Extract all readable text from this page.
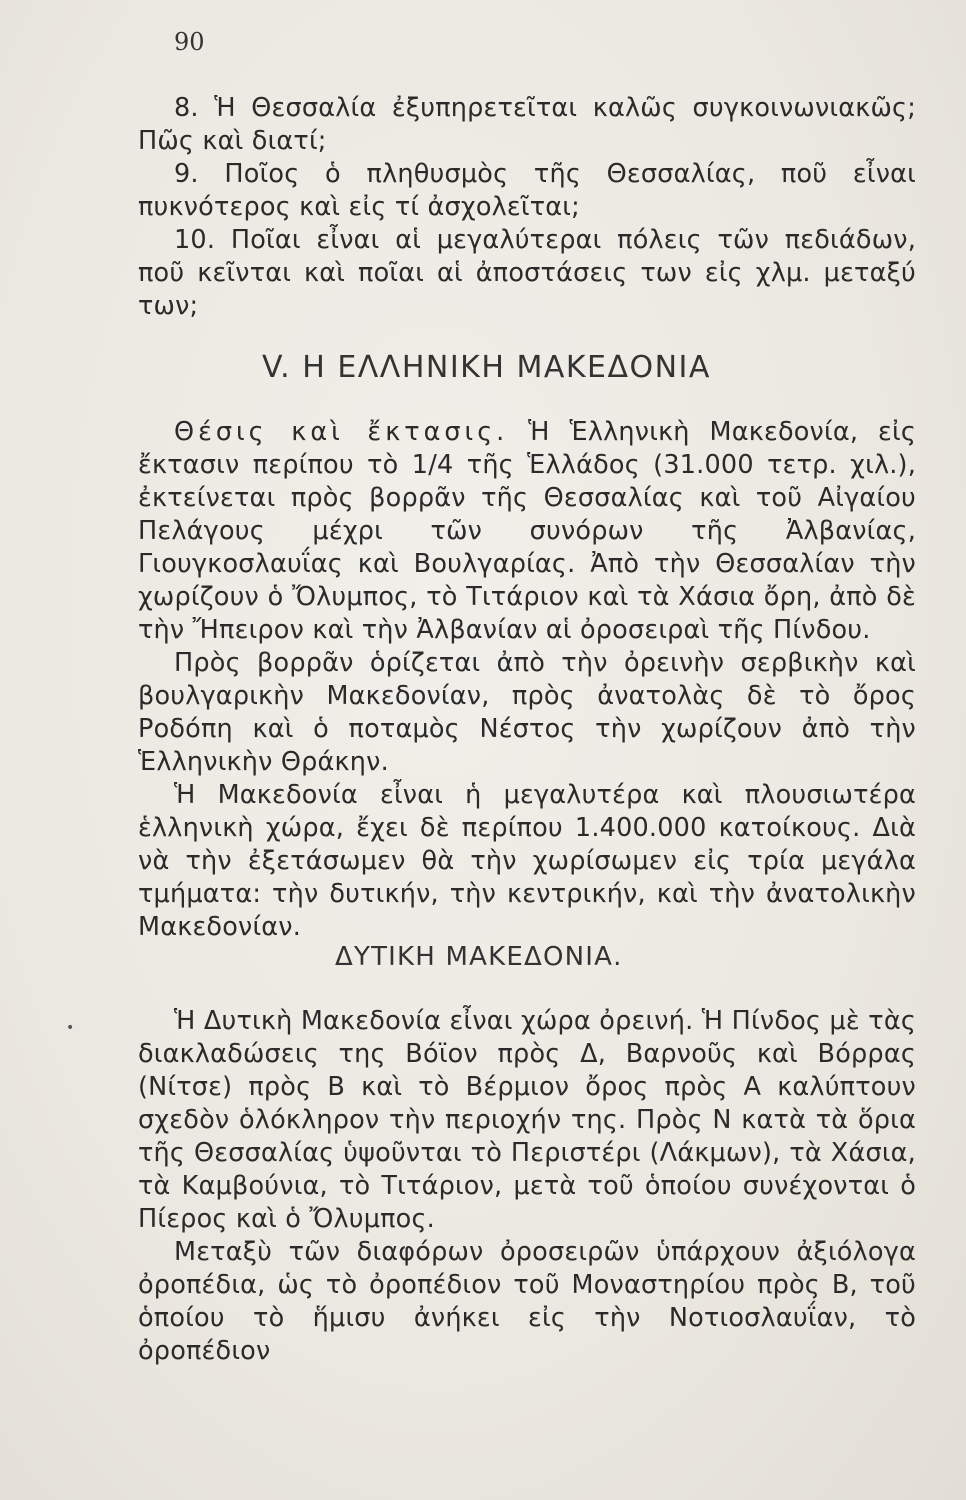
90

8. Ἡ Θεσσαλία ἐξυπηρετεῖται καλῶς συγκοινωνιακῶς; Πῶς καὶ διατί;

9. Ποῖος ὁ πληθυσμὸς τῆς Θεσσαλίας, ποῦ εἶναι πυκνότερος καὶ εἰς τί ἀσχολεῖται;

10. Ποῖαι εἶναι αἱ μεγαλύτεραι πόλεις τῶν πεδιάδων, ποῦ κεῖνται καὶ ποῖαι αἱ ἀποστάσεις των εἰς χλμ. μεταξύ των;

V. Η ΕΛΛΗΝΙΚΗ ΜΑΚΕΔΟΝΙΑ

Θέσις καὶ ἔκτασις. Ἡ Ἑλληνικὴ Μακεδονία, εἰς ἔκτασιν περίπου τὸ 1/4 τῆς Ἑλλάδος (31.000 τετρ. χιλ.), ἐκτείνεται πρὸς βορρᾶν τῆς Θεσσαλίας καὶ τοῦ Αἰγαίου Πελάγους μέχρι τῶν συνόρων τῆς Ἀλβανίας, Γιουγκοσλαυΐας καὶ Βουλγαρίας. Ἀπὸ τὴν Θεσσαλίαν τὴν χωρίζουν ὁ Ὄλυμπος, τὸ Τιτάριον καὶ τὰ Χάσια ὄρη, ἀπὸ δὲ τὴν Ἤπειρον καὶ τὴν Ἀλβανίαν αἱ ὀροσειραὶ τῆς Πίνδου.

Πρὸς βορρᾶν ὁρίζεται ἀπὸ τὴν ὀρεινὴν σερβικὴν καὶ βουλγαρικὴν Μακεδονίαν, πρὸς ἀνατολὰς δὲ τὸ ὄρος Ροδόπη καὶ ὁ ποταμὸς Νέστος τὴν χωρίζουν ἀπὸ τὴν Ἑλληνικὴν Θράκην.

Ἡ Μακεδονία εἶναι ἡ μεγαλυτέρα καὶ πλουσιωτέρα ἑλληνικὴ χώρα, ἔχει δὲ περίπου 1.400.000 κατοίκους. Διὰ νὰ τὴν ἐξετάσωμεν θὰ τὴν χωρίσωμεν εἰς τρία μεγάλα τμήματα: τὴν δυτικήν, τὴν κεντρικήν, καὶ τὴν ἀνατολικὴν Μακεδονίαν.

ΔΥΤΙΚΗ ΜΑΚΕΔΟΝΙΑ.
•	Ἡ Δυτικὴ Μακεδονία εἶναι χώρα ὀρεινή. Ἡ Πίνδος μὲ τὰς διακλαδώσεις της Βόϊον πρὸς Δ, Βαρνοῦς καὶ Βόρρας (Νίτσε) πρὸς Β καὶ τὸ Βέρμιον ὄρος πρὸς Α καλύπτουν σχεδὸν ὁλόκληρον τὴν περιοχήν της. Πρὸς Ν κατὰ τὰ ὅρια τῆς Θεσσαλίας ὑψοῦνται τὸ Περιστέρι (Λάκμων), τὰ Χάσια, τὰ Καμβούνια, τὸ Τιτάριον, μετὰ τοῦ ὁποίου συνέχονται ὁ Πίερος καὶ ὁ Ὄλυμπος.

Μεταξὺ τῶν διαφόρων ὀροσειρῶν ὑπάρχουν ἀξιόλογα ὀροπέδια, ὡς τὸ ὀροπέδιον τοῦ Μοναστηρίου πρὸς Β, τοῦ ὁποίου τὸ ἥμισυ ἀνήκει εἰς τὴν Νοτιοσλαυΐαν, τὸ ὀροπέδιον
